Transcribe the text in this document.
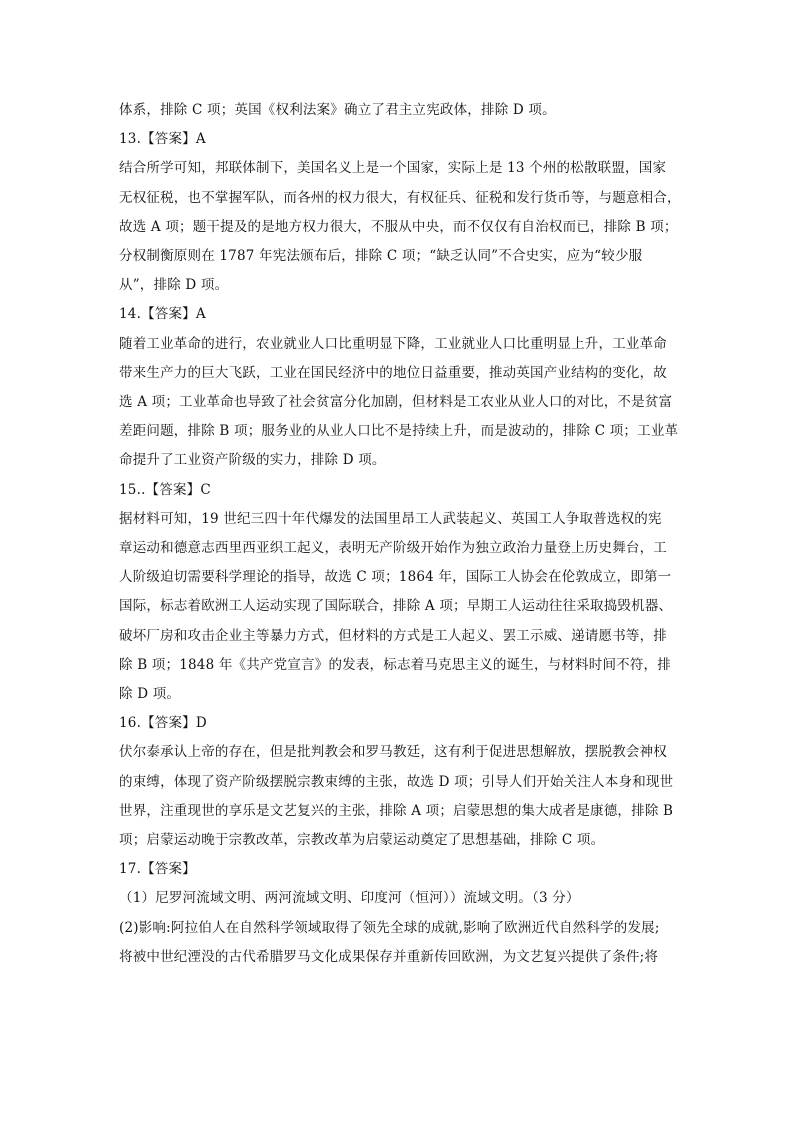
体系，排除 C 项；英国《权利法案》确立了君主立宪政体，排除 D 项。
13.【答案】A
结合所学可知，邦联体制下，美国名义上是一个国家，实际上是 13 个州的松散联盟，国家
无权征税，也不掌握军队，而各州的权力很大，有权征兵、征税和发行货币等，与题意相合，
故选 A 项；题干提及的是地方权力很大，不服从中央，而不仅仅有自治权而已，排除 B 项；
分权制衡原则在 1787 年宪法颁布后，排除 C 项；“缺乏认同”不合史实，应为“较少服
从”，排除 D 项。
14.【答案】A
随着工业革命的进行，农业就业人口比重明显下降，工业就业人口比重明显上升，工业革命
带来生产力的巨大飞跃，工业在国民经济中的地位日益重要，推动英国产业结构的变化，故
选 A 项；工业革命也导致了社会贫富分化加剧，但材料是工农业从业人口的对比，不是贫富
差距问题，排除 B 项；服务业的从业人口比不是持续上升，而是波动的，排除 C 项；工业革
命提升了工业资产阶级的实力，排除 D 项。
15..【答案】C
据材料可知，19 世纪三四十年代爆发的法国里昂工人武装起义、英国工人争取普选权的宪
章运动和德意志西里西亚织工起义，表明无产阶级开始作为独立政治力量登上历史舞台，工
人阶级迫切需要科学理论的指导，故选 C 项；1864 年，国际工人协会在伦敦成立，即第一
国际，标志着欧洲工人运动实现了国际联合，排除 A 项；早期工人运动往往采取捣毁机器、
破坏厂房和攻击企业主等暴力方式，但材料的方式是工人起义、罢工示威、递请愿书等，排
除 B 项；1848 年《共产党宣言》的发表，标志着马克思主义的诞生，与材料时间不符，排
除 D 项。
16.【答案】D
伏尔泰承认上帝的存在，但是批判教会和罗马教廷，这有利于促进思想解放，摆脱教会神权
的束缚，体现了资产阶级摆脱宗教束缚的主张，故选 D 项；引导人们开始关注人本身和现世
世界，注重现世的享乐是文艺复兴的主张，排除 A 项；启蒙思想的集大成者是康德，排除 B
项；启蒙运动晚于宗教改革，宗教改革为启蒙运动奠定了思想基础，排除 C 项。
17.【答案】
（1）尼罗河流域文明、两河流域文明、印度河（恒河））流域文明。（3 分）
(2)影响:阿拉伯人在自然科学领域取得了领先全球的成就,影响了欧洲近代自然科学的发展;
将被中世纪湮没的古代希腊罗马文化成果保存并重新传回欧洲，为文艺复兴提供了条件;将
